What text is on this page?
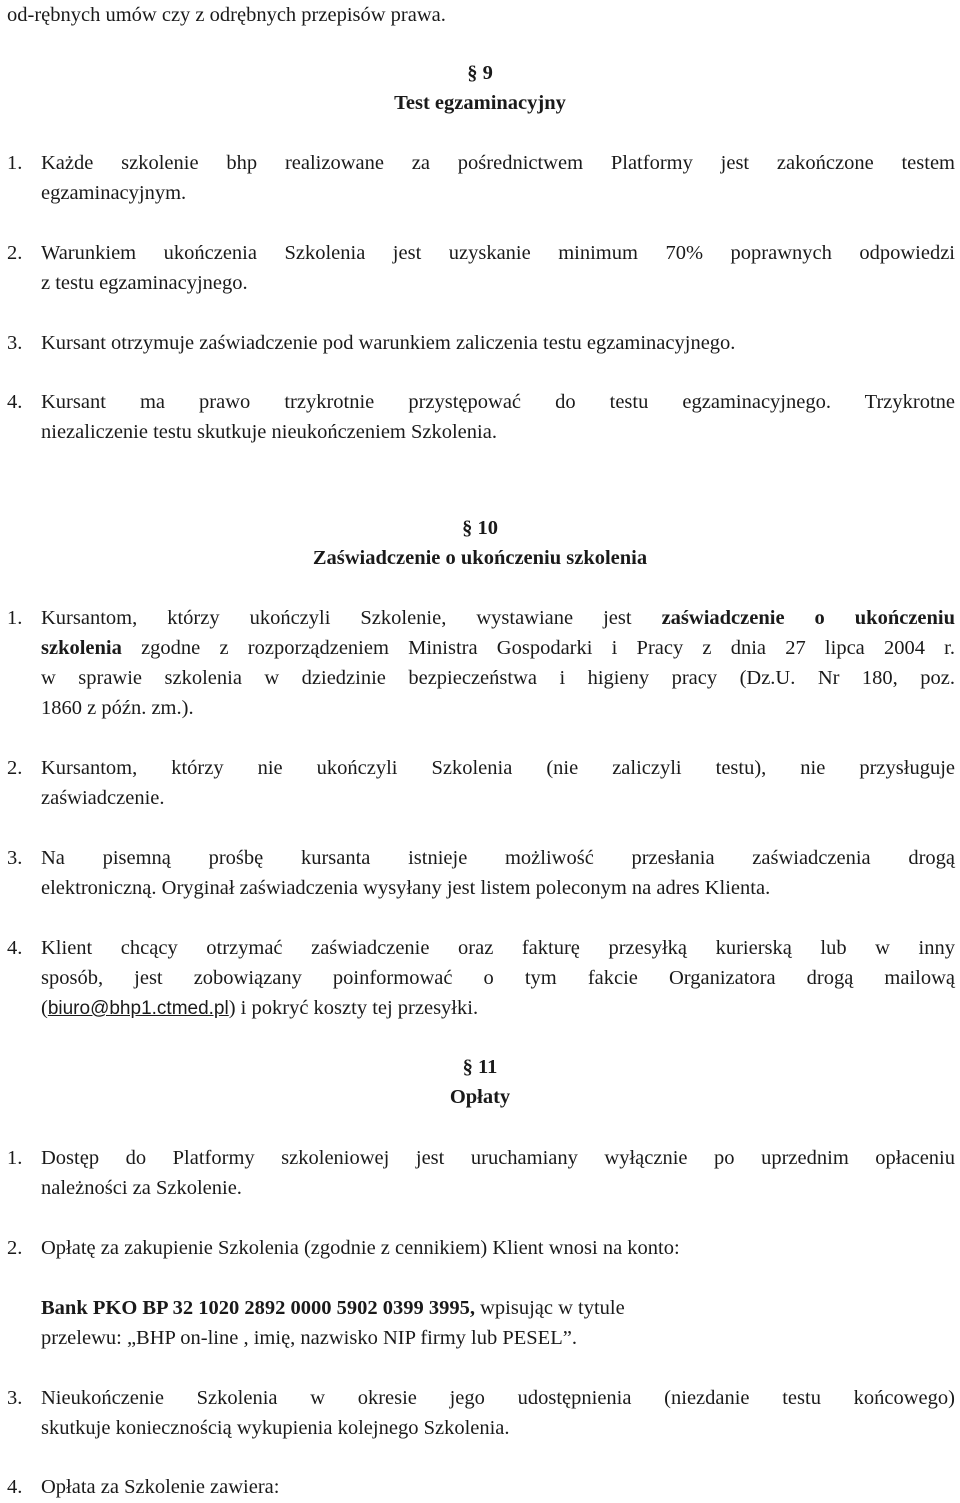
od-rębnych umów czy z odrębnych przepisów prawa.
§ 9
Test egzaminacyjny
1. Każde szkolenie bhp realizowane za pośrednictwem Platformy jest zakończone testem
egzaminacyjnym.
2. Warunkiem ukończenia Szkolenia jest uzyskanie minimum 70% poprawnych odpowiedzi
z testu egzaminacyjnego.
3. Kursant otrzymuje zaświadczenie pod warunkiem zaliczenia testu egzaminacyjnego.
4. Kursant ma prawo trzykrotnie przystępować do testu egzaminacyjnego. Trzykrotne
niezaliczenie testu skutkuje nieukończeniem Szkolenia.
§ 10
Zaświadczenie o ukończeniu szkolenia
1. Kursantom, którzy ukończyli Szkolenie, wystawiane jest zaświadczenie o ukończeniu
szkolenia zgodne z rozporządzeniem Ministra Gospodarki i Pracy z dnia 27 lipca 2004 r.
w sprawie szkolenia w dziedzinie bezpieczeństwa i higieny pracy (Dz.U. Nr 180, poz.
1860 z późn. zm.).
2. Kursantom, którzy nie ukończyli Szkolenia (nie zaliczyli testu), nie przysługuje
zaświadczenie.
3. Na pisemną prośbę kursanta istnieje możliwość przesłania zaświadczenia drogą
elektroniczną. Oryginał zaświadczenia wysyłany jest listem poleconym na adres Klienta.
4. Klient chcący otrzymać zaświadczenie oraz fakturę przesyłką kurierską lub w inny
sposób, jest zobowiązany poinformować o tym fakcie Organizatora drogą mailową
(biuro@bhp1.ctmed.pl) i pokryć koszty tej przesyłki.
§ 11
Opłaty
1. Dostęp do Platformy szkoleniowej jest uruchamiany wyłącznie po uprzednim opłaceniu
należności za Szkolenie.
2. Opłatę za zakupienie Szkolenia (zgodnie z cennikiem) Klient wnosi na konto:
Bank PKO BP 32 1020 2892 0000 5902 0399 3995, wpisując w tytule
przelewu: „BHP on-line , imię, nazwisko NIP firmy lub PESEL”.
3. Nieukończenie Szkolenia w okresie jego udostępnienia (niezdanie testu końcowego)
skutkuje koniecznością wykupienia kolejnego Szkolenia.
4. Opłata za Szkolenie zawiera:
